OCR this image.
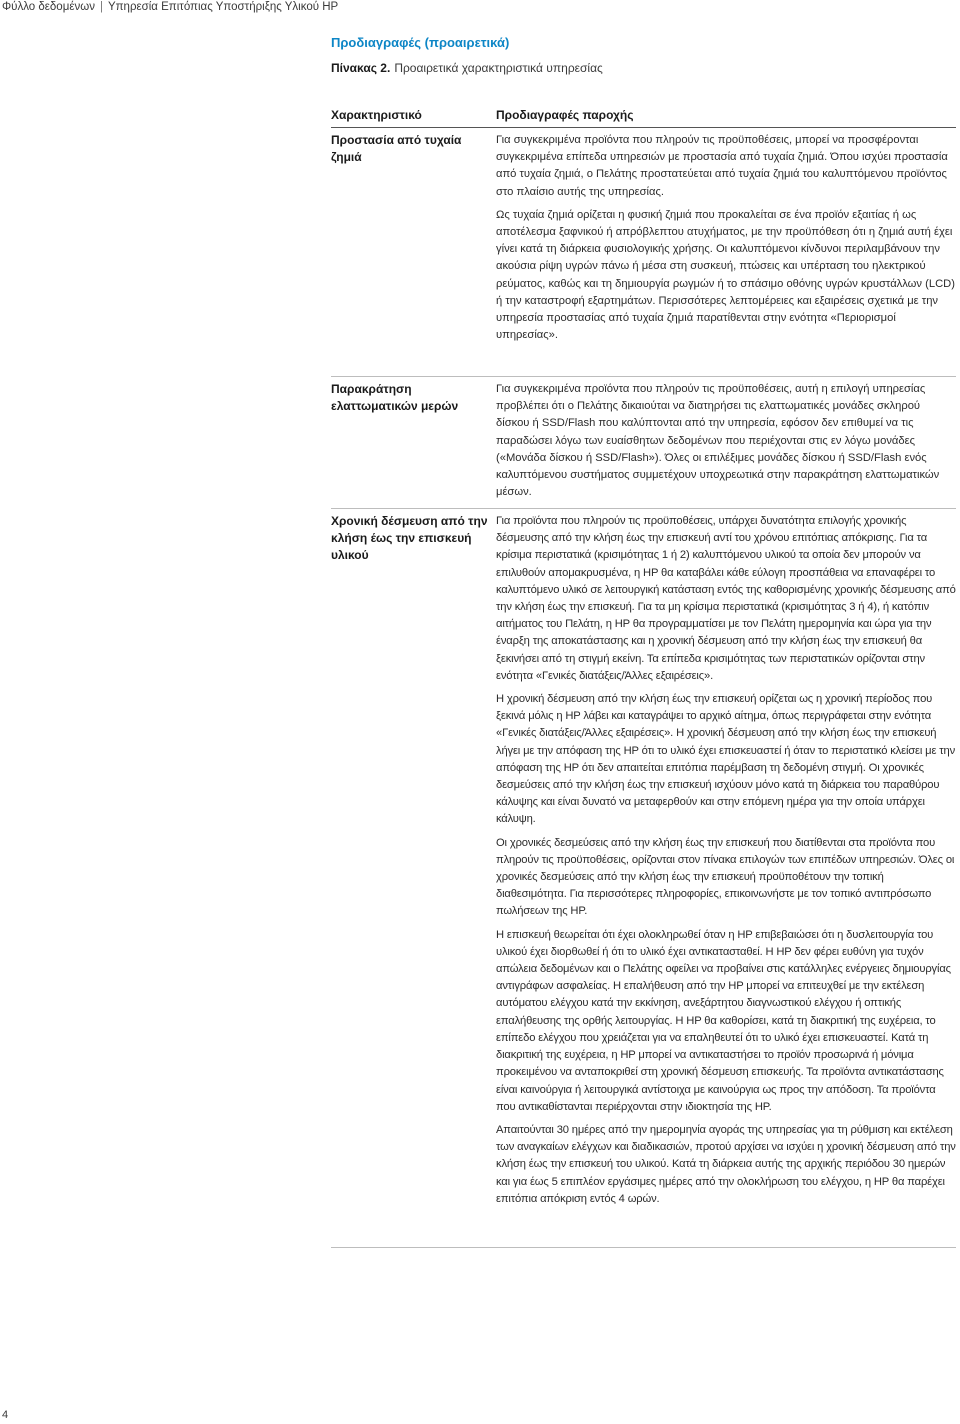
Φύλλο δεδομένων | Υπηρεσία Επιτόπιας Υποστήριξης Υλικού HP
Προδιαγραφές (προαιρετικά)
Πίνακας 2. Προαιρετικά χαρακτηριστικά υπηρεσίας
Χαρακτηριστικό	Προδιαγραφές παροχής
Προστασία από τυχαία ζημιά

Για συγκεκριμένα προϊόντα που πληρούν τις προϋποθέσεις, μπορεί να προσφέρονται συγκεκριμένα επίπεδα υπηρεσιών με προστασία από τυχαία ζημιά. Όπου ισχύει προστασία από τυχαία ζημιά, ο Πελάτης προστατεύεται από τυχαία ζημιά του καλυπτόμενου προϊόντος στο πλαίσιο αυτής της υπηρεσίας.

Ως τυχαία ζημιά ορίζεται η φυσική ζημιά που προκαλείται σε ένα προϊόν εξαιτίας ή ως αποτέλεσμα ξαφνικού ή απρόβλεπτου ατυχήματος, με την προϋπόθεση ότι η ζημιά αυτή έχει γίνει κατά τη διάρκεια φυσιολογικής χρήσης. Οι καλυπτόμενοι κίνδυνοι περιλαμβάνουν την ακούσια ρίψη υγρών πάνω ή μέσα στη συσκευή, πτώσεις και υπέρταση του ηλεκτρικού ρεύματος, καθώς και τη δημιουργία ρωγμών ή το σπάσιμο οθόνης υγρών κρυστάλλων (LCD) ή την καταστροφή εξαρτημάτων. Περισσότερες λεπτομέρειες και εξαιρέσεις σχετικά με την υπηρεσία προστασίας από τυχαία ζημιά παρατίθενται στην ενότητα «Περιορισμοί υπηρεσίας».

Παρακράτηση ελαττωματικών μερών

Για συγκεκριμένα προϊόντα που πληρούν τις προϋποθέσεις, αυτή η επιλογή υπηρεσίας προβλέπει ότι ο Πελάτης δικαιούται να διατηρήσει τις ελαττωματικές μονάδες σκληρού δίσκου ή SSD/Flash που καλύπτονται από την υπηρεσία, εφόσον δεν επιθυμεί να τις παραδώσει λόγω των ευαίσθητων δεδομένων που περιέχονται στις εν λόγω μονάδες («Μονάδα δίσκου ή SSD/Flash»). Όλες οι επιλέξιμες μονάδες δίσκου ή SSD/Flash ενός καλυπτόμενου συστήματος συμμετέχουν υποχρεωτικά στην παρακράτηση ελαττωματικών μέσων.

Χρονική δέσμευση από την κλήση έως την επισκευή υλικού

Για προϊόντα που πληρούν τις προϋποθέσεις, υπάρχει δυνατότητα επιλογής χρονικής δέσμευσης από την κλήση έως την επισκευή αντί του χρόνου επιτόπιας απόκρισης. Για τα κρίσιμα περιστατικά (κρισιμότητας 1 ή 2) καλυπτόμενου υλικού τα οποία δεν μπορούν να επιλυθούν απομακρυσμένα, η HP θα καταβάλει κάθε εύλογη προσπάθεια να επαναφέρει το καλυπτόμενο υλικό σε λειτουργική κατάσταση εντός της καθορισμένης χρονικής δέσμευσης από την κλήση έως την επισκευή. Για τα μη κρίσιμα περιστατικά (κρισιμότητας 3 ή 4), ή κατόπιν αιτήματος του Πελάτη, η HP θα προγραμματίσει με τον Πελάτη ημερομηνία και ώρα για την έναρξη της αποκατάστασης και η χρονική δέσμευση από την κλήση έως την επισκευή θα ξεκινήσει από τη στιγμή εκείνη. Τα επίπεδα κρισιμότητας των περιστατικών ορίζονται στην ενότητα «Γενικές διατάξεις/Άλλες εξαιρέσεις».

Η χρονική δέσμευση από την κλήση έως την επισκευή ορίζεται ως η χρονική περίοδος που ξεκινά μόλις η HP λάβει και καταγράψει το αρχικό αίτημα, όπως περιγράφεται στην ενότητα «Γενικές διατάξεις/Άλλες εξαιρέσεις». Η χρονική δέσμευση από την κλήση έως την επισκευή λήγει με την απόφαση της HP ότι το υλικό έχει επισκευαστεί ή όταν το περιστατικό κλείσει με την απόφαση της HP ότι δεν απαιτείται επιτόπια παρέμβαση τη δεδομένη στιγμή. Οι χρονικές δεσμεύσεις από την κλήση έως την επισκευή ισχύουν μόνο κατά τη διάρκεια του παραθύρου κάλυψης και είναι δυνατό να μεταφερθούν και στην επόμενη ημέρα για την οποία υπάρχει κάλυψη.

Οι χρονικές δεσμεύσεις από την κλήση έως την επισκευή που διατίθενται στα προϊόντα που πληρούν τις προϋποθέσεις, ορίζονται στον πίνακα επιλογών των επιπέδων υπηρεσιών. Όλες οι χρονικές δεσμεύσεις από την κλήση έως την επισκευή προϋποθέτουν την τοπική διαθεσιμότητα. Για περισσότερες πληροφορίες, επικοινωνήστε με τον τοπικό αντιπρόσωπο πωλήσεων της HP.

Η επισκευή θεωρείται ότι έχει ολοκληρωθεί όταν η HP επιβεβαιώσει ότι η δυσλειτουργία του υλικού έχει διορθωθεί ή ότι το υλικό έχει αντικατασταθεί. Η HP δεν φέρει ευθύνη για τυχόν απώλεια δεδομένων και ο Πελάτης οφείλει να προβαίνει στις κατάλληλες ενέργειες δημιουργίας αντιγράφων ασφαλείας. Η επαλήθευση από την HP μπορεί να επιτευχθεί με την εκτέλεση αυτόματου ελέγχου κατά την εκκίνηση, ανεξάρτητου διαγνωστικού ελέγχου ή οπτικής επαλήθευσης της ορθής λειτουργίας. Η HP θα καθορίσει, κατά τη διακριτική της ευχέρεια, το επίπεδο ελέγχου που χρειάζεται για να επαληθευτεί ότι το υλικό έχει επισκευαστεί. Κατά τη διακριτική της ευχέρεια, η HP μπορεί να αντικαταστήσει το προϊόν προσωρινά ή μόνιμα προκειμένου να ανταποκριθεί στη χρονική δέσμευση επισκευής. Τα προϊόντα αντικατάστασης είναι καινούργια ή λειτουργικά αντίστοιχα με καινούργια ως προς την απόδοση. Τα προϊόντα που αντικαθίστανται περιέρχονται στην ιδιοκτησία της HP.

Απαιτούνται 30 ημέρες από την ημερομηνία αγοράς της υπηρεσίας για τη ρύθμιση και εκτέλεση των αναγκαίων ελέγχων και διαδικασιών, προτού αρχίσει να ισχύει η χρονική δέσμευση από την κλήση έως την επισκευή του υλικού. Κατά τη διάρκεια αυτής της αρχικής περιόδου 30 ημερών και για έως 5 επιπλέον εργάσιμες ημέρες από την ολοκλήρωση του ελέγχου, η HP θα παρέχει επιτόπια απόκριση εντός 4 ωρών.

4
